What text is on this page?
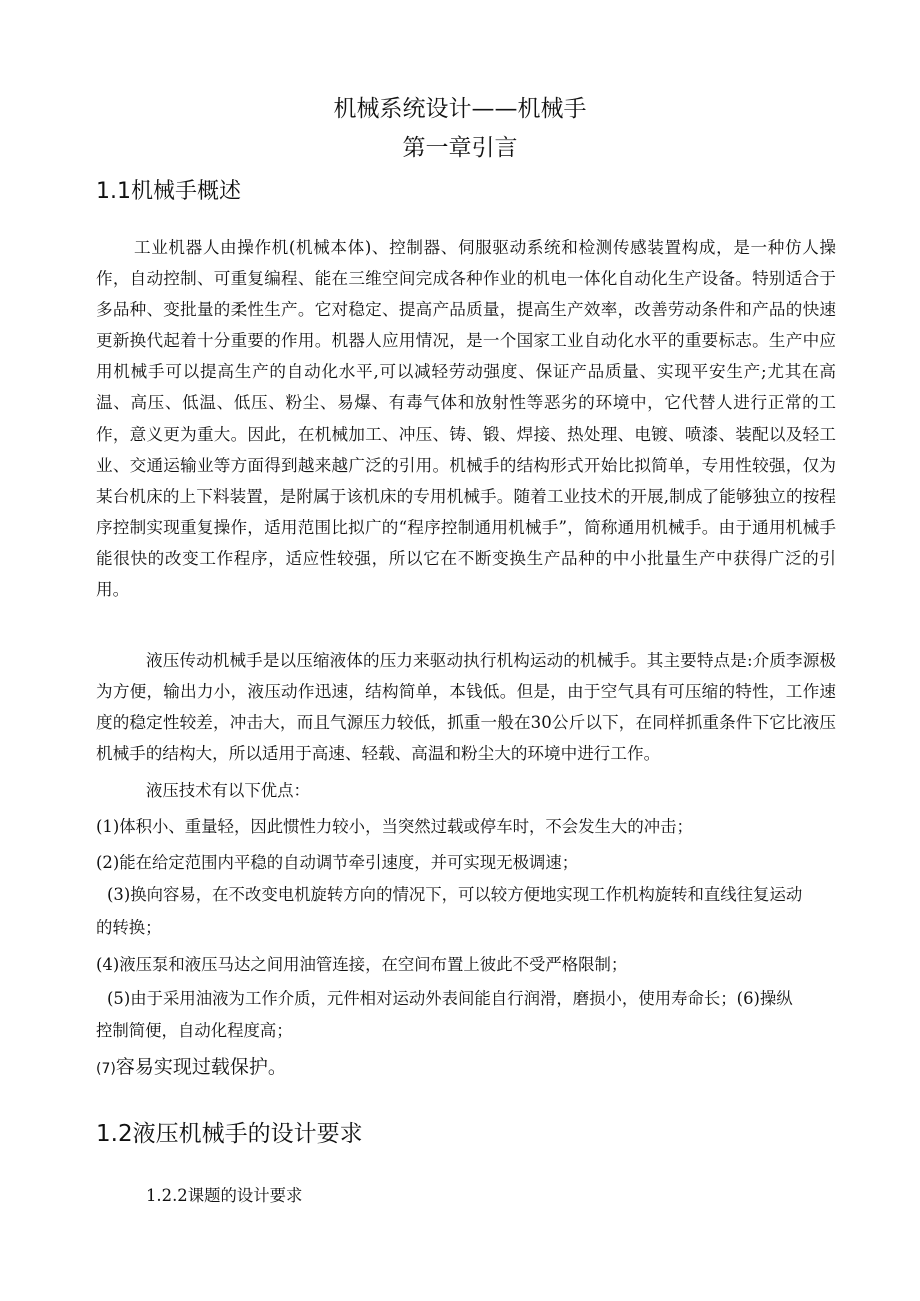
机械系统设计——机械手
第一章引言
1.1机械手概述
工业机器人由操作机(机械本体)、控制器、伺服驱动系统和检测传感装置构成，是一种仿人操作，自动控制、可重复编程、能在三维空间完成各种作业的机电一体化自动化生产设备。特别适合于多品种、变批量的柔性生产。它对稳定、提高产品质量，提高生产效率，改善劳动条件和产品的快速更新换代起着十分重要的作用。机器人应用情况，是一个国家工业自动化水平的重要标志。生产中应用机械手可以提高生产的自动化水平,可以减轻劳动强度、保证产品质量、实现平安生产;尤其在高温、高压、低温、低压、粉尘、易爆、有毒气体和放射性等恶劣的环境中，它代替人进行正常的工作，意义更为重大。因此，在机械加工、冲压、铸、锻、焊接、热处理、电镀、喷漆、装配以及轻工业、交通运输业等方面得到越来越广泛的引用。机械手的结构形式开始比拟简单，专用性较强，仅为某台机床的上下料装置，是附属于该机床的专用机械手。随着工业技术的开展,制成了能够独立的按程序控制实现重复操作，适用范围比拟广的“程序控制通用机械手”，简称通用机械手。由于通用机械手能很快的改变工作程序，适应性较强，所以它在不断变换生产品种的中小批量生产中获得广泛的引用。
液压传动机械手是以压缩液体的压力来驱动执行机构运动的机械手。其主要特点是:介质李源极为方便，输出力小，液压动作迅速，结构简单，本钱低。但是，由于空气具有可压缩的特性，工作速度的稳定性较差，冲击大，而且气源压力较低，抓重一般在30公斤以下，在同样抓重条件下它比液压机械手的结构大，所以适用于高速、轻载、高温和粉尘大的环境中进行工作。
液压技术有以下优点：
(1)体积小、重量轻，因此惯性力较小，当突然过载或停车时，不会发生大的冲击；
(2)能在给定范围内平稳的自动调节牵引速度，并可实现无极调速；
(3)换向容易，在不改变电机旋转方向的情况下，可以较方便地实现工作机构旋转和直线往复运动
的转换；
(4)液压泵和液压马达之间用油管连接，在空间布置上彼此不受严格限制；
(5)由于采用油液为工作介质，元件相对运动外表间能自行润滑，磨损小，使用寿命长；(6)操纵
控制简便，自动化程度高；
(7)容易实现过载保护。
1.2液压机械手的设计要求
1.2.2课题的设计要求
